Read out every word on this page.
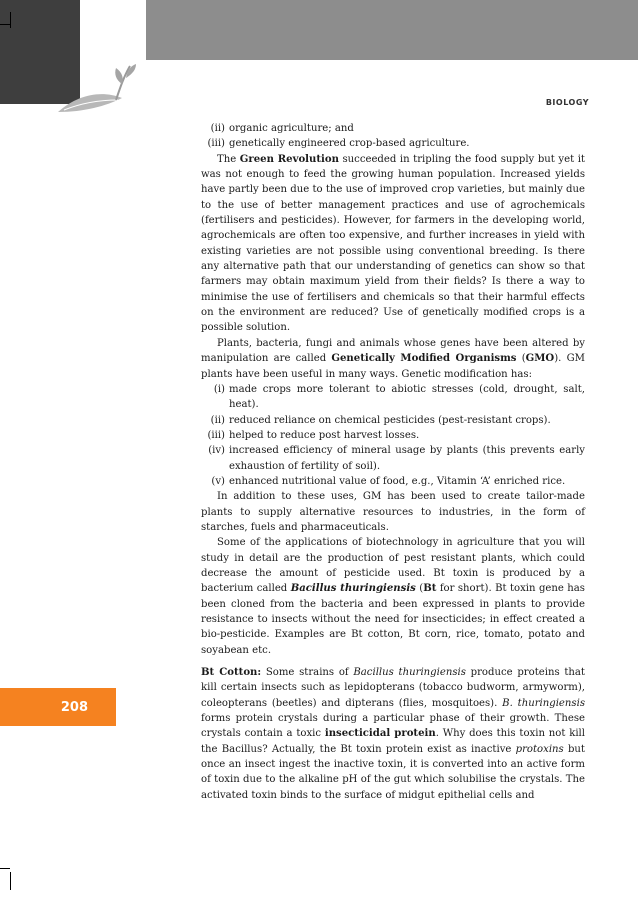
BIOLOGY
208
(ii) organic agriculture; and
(iii) genetically engineered crop-based agriculture.

The Green Revolution succeeded in tripling the food supply but yet it was not enough to feed the growing human population. Increased yields have partly been due to the use of improved crop varieties, but mainly due to the use of better management practices and use of agrochemicals (fertilisers and pesticides). However, for farmers in the developing world, agrochemicals are often too expensive, and further increases in yield with existing varieties are not possible using conventional breeding. Is there any alternative path that our understanding of genetics can show so that farmers may obtain maximum yield from their fields? Is there a way to minimise the use of fertilisers and chemicals so that their harmful effects on the environment are reduced? Use of genetically modified crops is a possible solution.

Plants, bacteria, fungi and animals whose genes have been altered by manipulation are called Genetically Modified Organisms (GMO). GM plants have been useful in many ways. Genetic modification has:

(i) made crops more tolerant to abiotic stresses (cold, drought, salt, heat).
(ii) reduced reliance on chemical pesticides (pest-resistant crops).
(iii) helped to reduce post harvest losses.
(iv) increased efficiency of mineral usage by plants (this prevents early exhaustion of fertility of soil).
(v) enhanced nutritional value of food, e.g., Vitamin ‘A’ enriched rice.

In addition to these uses, GM has been used to create tailor-made plants to supply alternative resources to industries, in the form of starches, fuels and pharmaceuticals.

Some of the applications of biotechnology in agriculture that you will study in detail are the production of pest resistant plants, which could decrease the amount of pesticide used. Bt toxin is produced by a bacterium called Bacillus thuringiensis (Bt for short). Bt toxin gene has been cloned from the bacteria and been expressed in plants to provide resistance to insects without the need for insecticides; in effect created a bio-pesticide. Examples are Bt cotton, Bt corn, rice, tomato, potato and soyabean etc.

Bt Cotton: Some strains of Bacillus thuringiensis produce proteins that kill certain insects such as lepidopterans (tobacco budworm, armyworm), coleopterans (beetles) and dipterans (flies, mosquitoes). B. thuringiensis forms protein crystals during a particular phase of their growth. These crystals contain a toxic insecticidal protein. Why does this toxin not kill the Bacillus? Actually, the Bt toxin protein exist as inactive protoxins but once an insect ingest the inactive toxin, it is converted into an active form of toxin due to the alkaline pH of the gut which solubilise the crystals. The activated toxin binds to the surface of midgut epithelial cells and
